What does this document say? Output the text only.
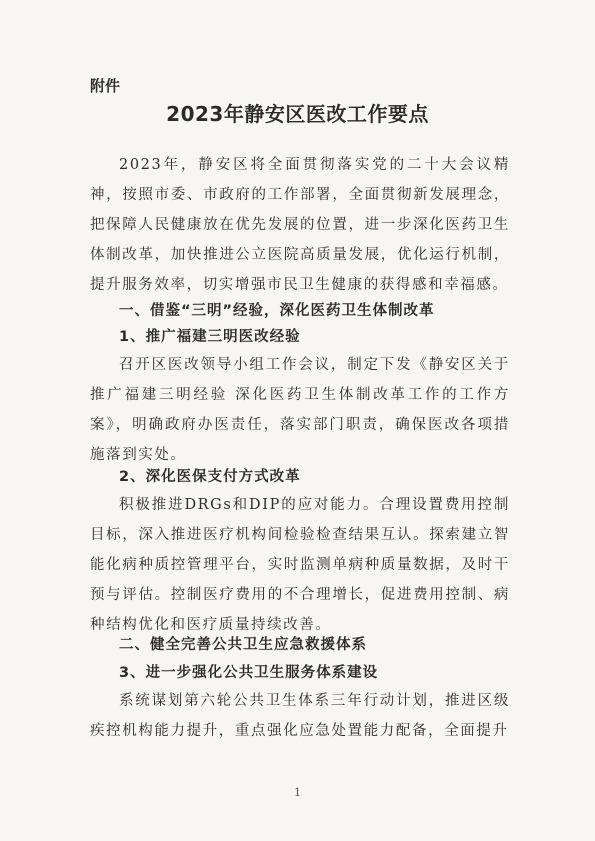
附件
2023年静安区医改工作要点

2023年，静安区将全面贯彻落实党的二十大会议精神，按照市委、市政府的工作部署，全面贯彻新发展理念，把保障人民健康放在优先发展的位置，进一步深化医药卫生体制改革，加快推进公立医院高质量发展，优化运行机制，提升服务效率，切实增强市民卫生健康的获得感和幸福感。

一、借鉴“三明”经验，深化医药卫生体制改革
1、推广福建三明医改经验

召开区医改领导小组工作会议，制定下发《静安区关于推广福建三明经验 深化医药卫生体制改革工作的工作方案》，明确政府办医责任，落实部门职责，确保医改各项措施落到实处。

2、深化医保支付方式改革

积极推进DRGs和DIP的应对能力。合理设置费用控制目标，深入推进医疗机构间检验检查结果互认。探索建立智能化病种质控管理平台，实时监测单病种质量数据，及时干预与评估。控制医疗费用的不合理增长，促进费用控制、病种结构优化和医疗质量持续改善。

二、健全完善公共卫生应急救援体系
3、进一步强化公共卫生服务体系建设

系统谋划第六轮公共卫生体系三年行动计划，推进区级疾控机构能力提升，重点强化应急处置能力配备，全面提升

1
